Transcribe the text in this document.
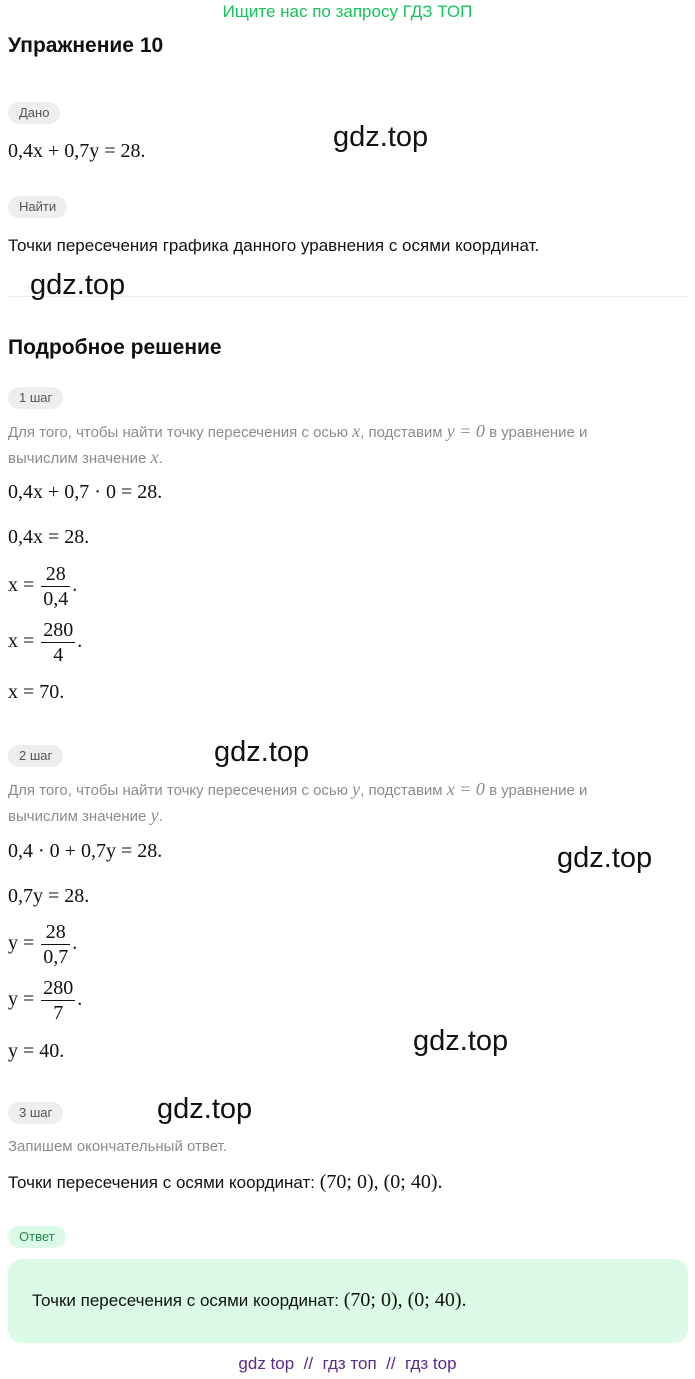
Ищите нас по запросу ГДЗ ТОП
Упражнение 10
Дано
0,4x + 0,7y = 28.
Найти
Точки пересечения графика данного уравнения с осями координат.
Подробное решение
1 шаг
Для того, чтобы найти точку пересечения с осью x, подставим y = 0 в уравнение и
вычислим значение x.
0,4x + 0,7 · 0 = 28.
0,4x = 28.
$x = \frac{28}{0,4}$ .
$x = \frac{280}{4}$ .
x = 70.
2 шаг
Для того, чтобы найти точку пересечения с осью y, подставим x = 0 в уравнение и
вычислим значение y.
0,4 · 0 + 0,7y = 28.
0,7y = 28.
$y = \frac{28}{0,7}$ .
$y = \frac{280}{7}$ .
y = 40.
3 шаг
Запишем окончательный ответ.
Точки пересечения с осями координат: (70; 0), (0; 40).
Ответ
Точки пересечения с осями координат: (70; 0), (0; 40).
gdz.top
gdz.top
gdz.top
gdz.top
gdz.top
gdz.top
gdz top // гдз топ // гдз top
